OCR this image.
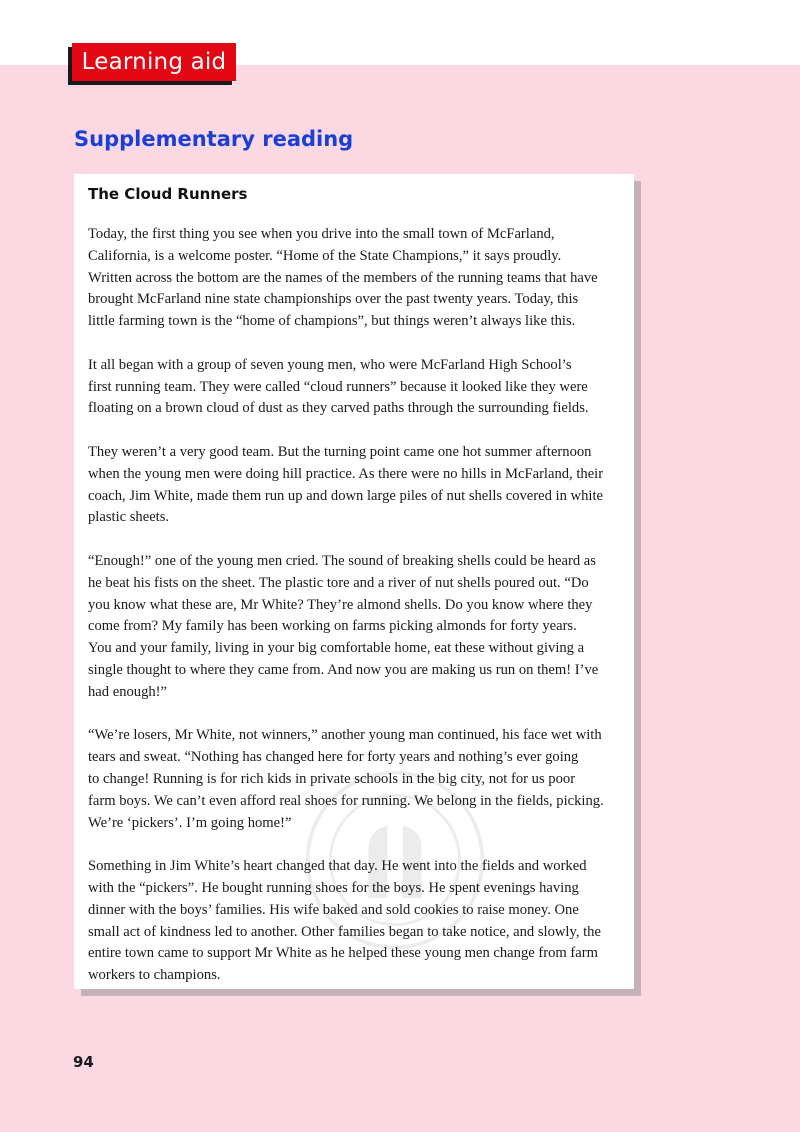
Learning aid
Supplementary reading
The Cloud Runners

Today, the first thing you see when you drive into the small town of McFarland,
California, is a welcome poster. “Home of the State Champions,” it says proudly.
Written across the bottom are the names of the members of the running teams that have
brought McFarland nine state championships over the past twenty years. Today, this
little farming town is the “home of champions”, but things weren’t always like this.

It all began with a group of seven young men, who were McFarland High School’s
first running team. They were called “cloud runners” because it looked like they were
floating on a brown cloud of dust as they carved paths through the surrounding fields.

They weren’t a very good team. But the turning point came one hot summer afternoon
when the young men were doing hill practice. As there were no hills in McFarland, their
coach, Jim White, made them run up and down large piles of nut shells covered in white
plastic sheets.

“Enough!” one of the young men cried. The sound of breaking shells could be heard as
he beat his fists on the sheet. The plastic tore and a river of nut shells poured out. “Do
you know what these are, Mr White? They’re almond shells. Do you know where they
come from? My family has been working on farms picking almonds for forty years.
You and your family, living in your big comfortable home, eat these without giving a
single thought to where they came from. And now you are making us run on them! I’ve
had enough!”

“We’re losers, Mr White, not winners,” another young man continued, his face wet with
tears and sweat. “Nothing has changed here for forty years and nothing’s ever going
to change! Running is for rich kids in private schools in the big city, not for us poor
farm boys. We can’t even afford real shoes for running. We belong in the fields, picking.
We’re ‘pickers’. I’m going home!”

Something in Jim White’s heart changed that day. He went into the fields and worked
with the “pickers”. He bought running shoes for the boys. He spent evenings having
dinner with the boys’ families. His wife baked and sold cookies to raise money. One
small act of kindness led to another. Other families began to take notice, and slowly, the
entire town came to support Mr White as he helped these young men change from farm
workers to champions.

94
